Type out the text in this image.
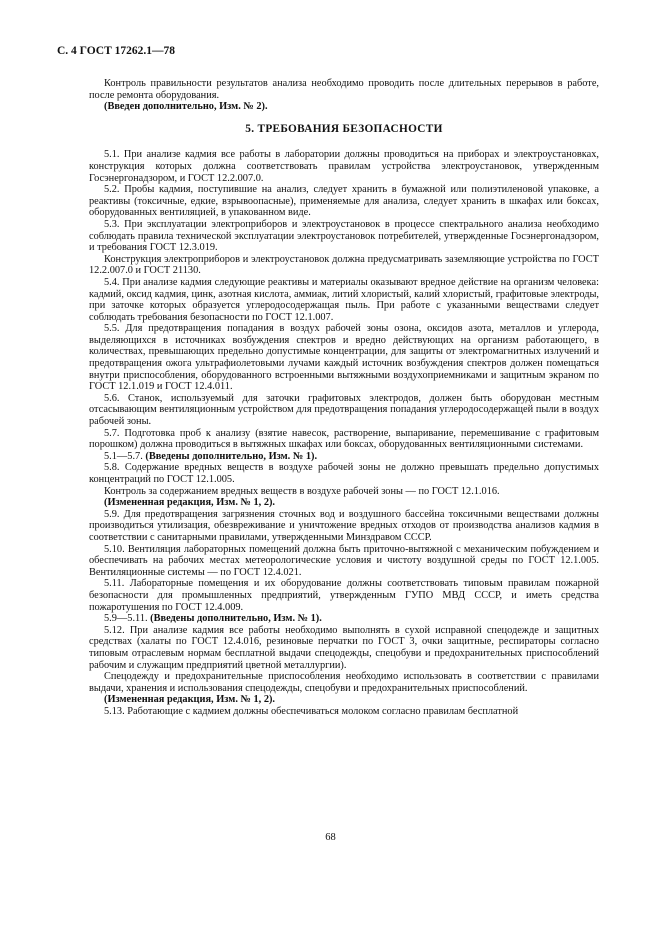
С. 4 ГОСТ 17262.1—78

Контроль правильности результатов анализа необходимо проводить после длительных перерывов в работе, после ремонта оборудования.

(Введен дополнительно, Изм. № 2).

5. ТРЕБОВАНИЯ БЕЗОПАСНОСТИ

5.1. При анализе кадмия все работы в лаборатории должны проводиться на приборах и электроустановках, конструкция которых должна соответствовать правилам устройства электроустановок, утвержденным Госэнергонадзором, и ГОСТ 12.2.007.0.

5.2. Пробы кадмия, поступившие на анализ, следует хранить в бумажной или полиэтиленовой упаковке, а реактивы (токсичные, едкие, взрывоопасные), применяемые для анализа, следует хранить в шкафах или боксах, оборудованных вентиляцией, в упакованном виде.

5.3. При эксплуатации электроприборов и электроустановок в процессе спектрального анализа необходимо соблюдать правила технической эксплуатации электроустановок потребителей, утвержденные Госэнергонадзором, и требования ГОСТ 12.3.019.

Конструкция электроприборов и электроустановок должна предусматривать заземляющие устройства по ГОСТ 12.2.007.0 и ГОСТ 21130.

5.4. При анализе кадмия следующие реактивы и материалы оказывают вредное действие на организм человека: кадмий, оксид кадмия, цинк, азотная кислота, аммиак, литий хлористый, калий хлористый, графитовые электроды, при заточке которых образуется углеродосодержащая пыль. При работе с указанными веществами следует соблюдать требования безопасности по ГОСТ 12.1.007.

5.5. Для предотвращения попадания в воздух рабочей зоны озона, оксидов азота, металлов и углерода, выделяющихся в источниках возбуждения спектров и вредно действующих на организм работающего, в количествах, превышающих предельно допустимые концентрации, для защиты от электромагнитных излучений и предотвращения ожога ультрафиолетовыми лучами каждый источник возбуждения спектров должен помещаться внутри приспособления, оборудованного встроенными вытяжными воздухоприемниками и защитным экраном по ГОСТ 12.1.019 и ГОСТ 12.4.011.

5.6. Станок, используемый для заточки графитовых электродов, должен быть оборудован местным отсасывающим вентиляционным устройством для предотвращения попадания углеродосодержащей пыли в воздух рабочей зоны.

5.7. Подготовка проб к анализу (взятие навесок, растворение, выпаривание, перемешивание с графитовым порошком) должна проводиться в вытяжных шкафах или боксах, оборудованных вентиляционными системами.

5.1—5.7. (Введены дополнительно, Изм. № 1).

5.8. Содержание вредных веществ в воздухе рабочей зоны не должно превышать предельно допустимых концентраций по ГОСТ 12.1.005.

Контроль за содержанием вредных веществ в воздухе рабочей зоны — по ГОСТ 12.1.016.

(Измененная редакция, Изм. № 1, 2).

5.9. Для предотвращения загрязнения сточных вод и воздушного бассейна токсичными веществами должны производиться утилизация, обезвреживание и уничтожение вредных отходов от производства анализов кадмия в соответствии с санитарными правилами, утвержденными Минздравом СССР.

5.10. Вентиляция лабораторных помещений должна быть приточно-вытяжной с механическим побуждением и обеспечивать на рабочих местах метеорологические условия и чистоту воздушной среды по ГОСТ 12.1.005. Вентиляционные системы — по ГОСТ 12.4.021.

5.11. Лабораторные помещения и их оборудование должны соответствовать типовым правилам пожарной безопасности для промышленных предприятий, утвержденным ГУПО МВД СССР, и иметь средства пожаротушения по ГОСТ 12.4.009.

5.9—5.11. (Введены дополнительно, Изм. № 1).

5.12. При анализе кадмия все работы необходимо выполнять в сухой исправной спецодежде и защитных средствах (халаты по ГОСТ 12.4.016, резиновые перчатки по ГОСТ 3, очки защитные, респираторы согласно типовым отраслевым нормам бесплатной выдачи спецодежды, спецобуви и предохранительных приспособлений рабочим и служащим предприятий цветной металлургии).

Спецодежду и предохранительные приспособления необходимо использовать в соответствии с правилами выдачи, хранения и использования спецодежды, спецобуви и предохранительных приспособлений.

(Измененная редакция, Изм. № 1, 2).

5.13. Работающие с кадмием должны обеспечиваться молоком согласно правилам бесплатной

68
